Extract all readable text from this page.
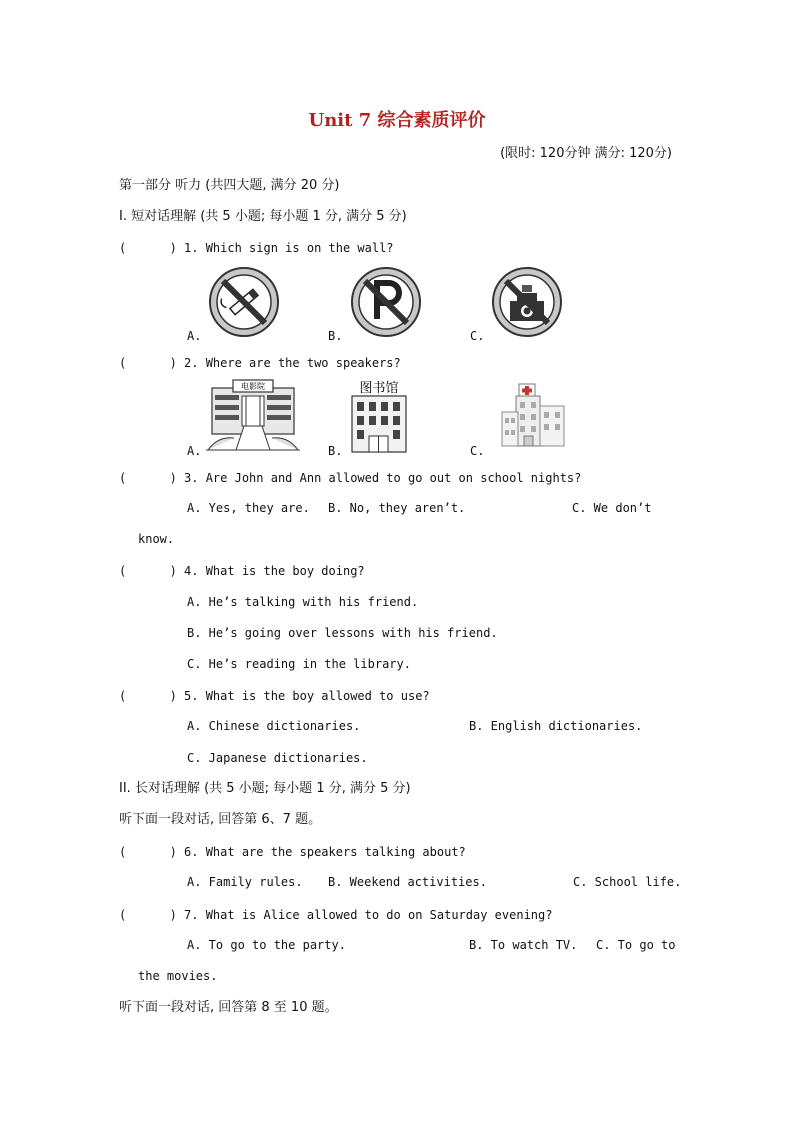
Unit 7 综合素质评价
(限时: 120分钟 满分: 120分)
第一部分 听力 (共四大题, 满分 20 分)
I. 短对话理解 (共 5 小题; 每小题 1 分, 满分 5 分)
(      ) 1. Which sign is on the wall?
A.	B.	C.
(      ) 2. Where are the two speakers?
电影院	图书馆
A.	B.	C.
(      ) 3. Are John and Ann allowed to go out on school nights?
A. Yes, they are. B. No, they aren’t.	C. We don’t
know.
(      ) 4. What is the boy doing?
A. He’s talking with his friend.
B. He’s going over lessons with his friend.
C. He’s reading in the library.
(      ) 5. What is the boy allowed to use?
A. Chinese dictionaries.	B. English dictionaries.
C. Japanese dictionaries.
II. 长对话理解 (共 5 小题; 每小题 1 分, 满分 5 分)
听下面一段对话, 回答第 6、7 题。
(      ) 6. What are the speakers talking about?
A. Family rules. B. Weekend activities.	C. School life.
(      ) 7. What is Alice allowed to do on Saturday evening?
A. To go to the party.	B. To watch TV. C. To go to
the movies.
听下面一段对话, 回答第 8 至 10 题。
